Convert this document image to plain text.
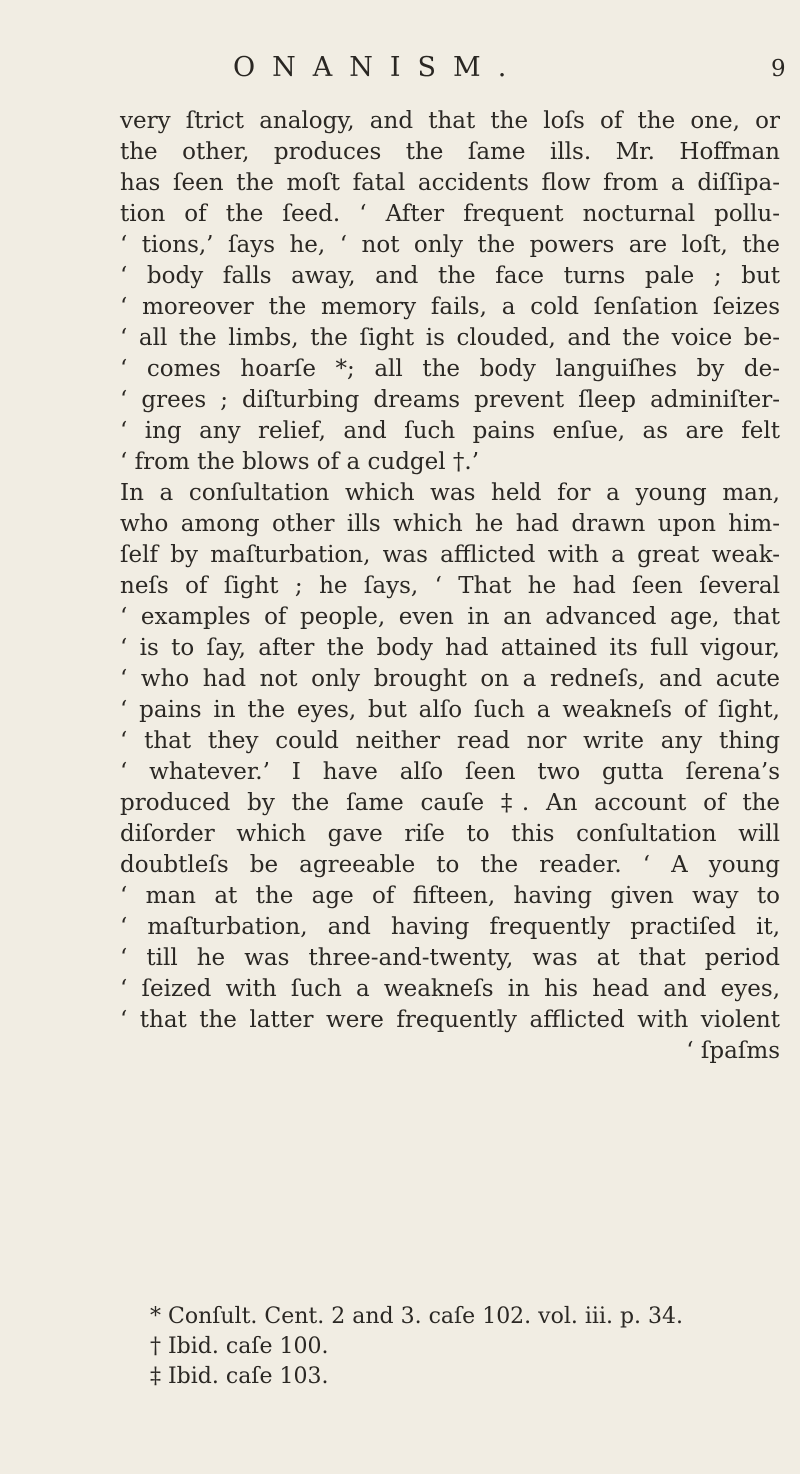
ONANISM.	9
very ſtrict analogy, and that the loſs of the one, or
the other, produces the ſame ills. Mr. Hoffman
has ſeen the moſt fatal accidents flow from a diſſipa-
tion of the ſeed. ‘ After frequent nocturnal pollu-
‘ tions,’ ſays he, ‘ not only the powers are loſt, the
‘ body falls away, and the face turns pale ; but
‘ moreover the memory fails, a cold ſenſation ſeizes
‘ all the limbs, the ſight is clouded, and the voice be-
‘ comes hoarſe *; all the body languiſhes by de-
‘ grees ; diſturbing dreams prevent ſleep adminiſter-
‘ ing any relief, and ſuch pains enſue, as are felt
‘ from the blows of a cudgel †.’
In a conſultation which was held for a young man,
who among other ills which he had drawn upon him-
ſelf by maſturbation, was afflicted with a great weak-
neſs of ſight ; he ſays, ‘ That he had ſeen ſeveral
‘ examples of people, even in an advanced age, that
‘ is to ſay, after the body had attained its full vigour,
‘ who had not only brought on a redneſs, and acute
‘ pains in the eyes, but alſo ſuch a weakneſs of ſight,
‘ that they could neither read nor write any thing
‘ whatever.’ I have alſo ſeen two gutta ſerena’s
produced by the ſame cauſe ‡. An account of the
diſorder which gave riſe to this conſultation will
doubtleſs be agreeable to the reader. ‘ A young
‘ man at the age of fifteen, having given way to
‘ maſturbation, and having frequently practiſed it,
‘ till he was three-and-twenty, was at that period
‘ ſeized with ſuch a weakneſs in his head and eyes,
‘ that the latter were frequently afflicted with violent
‘ ſpaſms
* Conſult. Cent. 2 and 3. caſe 102. vol. iii. p. 34.
† Ibid. caſe 100.
‡ Ibid. caſe 103.
